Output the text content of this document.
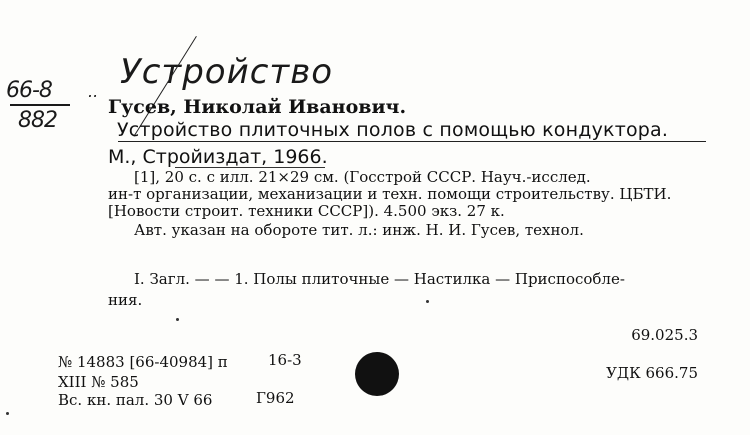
66-8
882
.. Устройство
Гусев, Николай Иванович.
Устройство плиточных полов с помощью кондуктора.
М., Стройиздат, 1966.
[1], 20 с. с илл. 21×29 см. (Госстрой СССР. Науч.-исслед.
ин-т организации, механизации и техн. помощи строительству. ЦБТИ.
[Новости строит. техники СССР]). 4.500 экз. 27 к.
Авт. указан на обороте тит. л.: инж. Н. И. Гусев, технол.
I. Загл. — — 1. Полы плиточные — Настилка — Приспособле-
ния.
69.025.3
УДК 666.75
№ 14883 [66-40984] п
XIII № 585
Вс. кн. пал. 30 V 66
16-3
Г962
